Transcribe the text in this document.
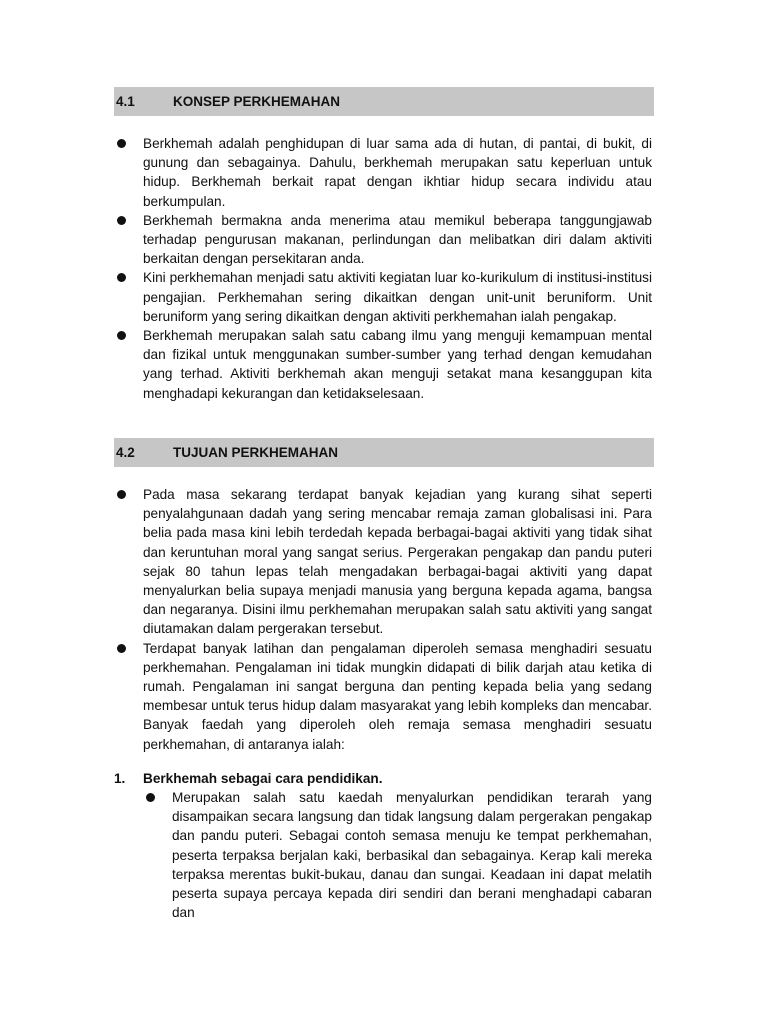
4.1	KONSEP PERKHEMAHAN
Berkhemah adalah penghidupan di luar sama ada di hutan, di pantai, di bukit, di gunung dan sebagainya. Dahulu, berkhemah merupakan satu keperluan untuk hidup. Berkhemah berkait rapat dengan ikhtiar hidup secara individu atau berkumpulan.
Berkhemah bermakna anda menerima atau memikul beberapa tanggungjawab terhadap pengurusan makanan, perlindungan dan melibatkan diri dalam aktiviti berkaitan dengan persekitaran anda.
Kini perkhemahan menjadi satu aktiviti kegiatan luar ko-kurikulum di institusi-institusi pengajian. Perkhemahan sering dikaitkan dengan unit-unit beruniform. Unit beruniform yang sering dikaitkan dengan aktiviti perkhemahan ialah pengakap.
Berkhemah merupakan salah satu cabang ilmu yang menguji kemampuan mental dan fizikal untuk menggunakan sumber-sumber yang terhad dengan kemudahan yang terhad. Aktiviti berkhemah akan menguji setakat mana kesanggupan kita menghadapi kekurangan dan ketidakselesaan.
4.2	TUJUAN PERKHEMAHAN
Pada masa sekarang terdapat banyak kejadian yang kurang sihat seperti penyalahgunaan dadah yang sering mencabar remaja zaman globalisasi ini. Para belia pada masa kini lebih terdedah kepada berbagai-bagai aktiviti yang tidak sihat dan keruntuhan moral yang sangat serius. Pergerakan pengakap dan pandu puteri sejak 80 tahun lepas telah mengadakan berbagai-bagai aktiviti yang dapat menyalurkan belia supaya menjadi manusia yang berguna kepada agama, bangsa dan negaranya. Disini ilmu perkhemahan merupakan salah satu aktiviti yang sangat diutamakan dalam pergerakan tersebut.
Terdapat banyak latihan dan pengalaman diperoleh semasa menghadiri sesuatu perkhemahan. Pengalaman ini tidak mungkin didapati di bilik darjah atau ketika di rumah. Pengalaman ini sangat berguna dan penting kepada belia yang sedang membesar untuk terus hidup dalam masyarakat yang lebih kompleks dan mencabar. Banyak faedah yang diperoleh oleh remaja semasa menghadiri sesuatu perkhemahan, di antaranya ialah:
1. Berkhemah sebagai cara pendidikan.
Merupakan salah satu kaedah menyalurkan pendidikan terarah yang disampaikan secara langsung dan tidak langsung dalam pergerakan pengakap dan pandu puteri. Sebagai contoh semasa menuju ke tempat perkhemahan, peserta terpaksa berjalan kaki, berbasikal dan sebagainya. Kerap kali mereka terpaksa merentas bukit-bukau, danau dan sungai. Keadaan ini dapat melatih peserta supaya percaya kepada diri sendiri dan berani menghadapi cabaran dan
